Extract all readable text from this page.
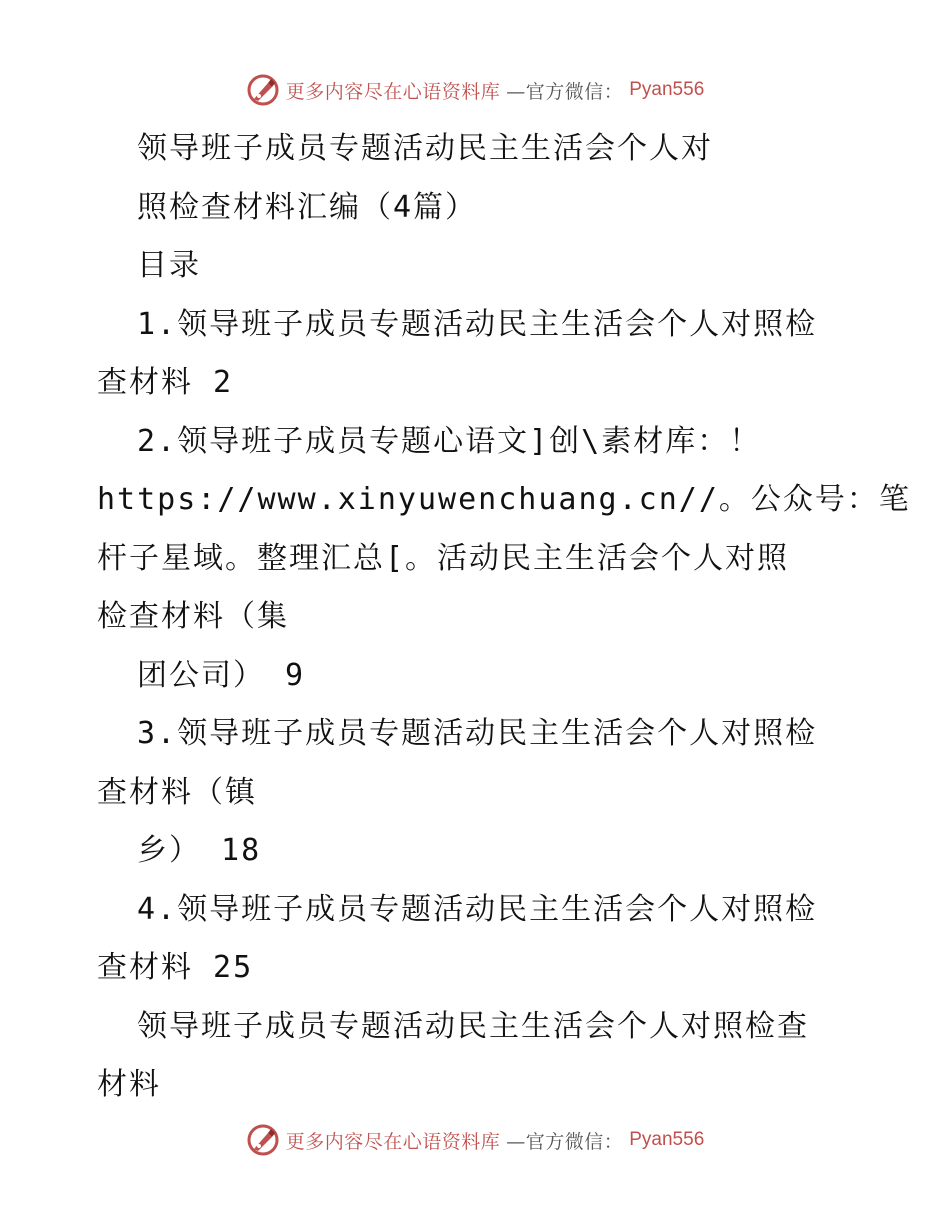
更多内容尽在心语资料库 —官方微信： Pyan556
领导班子成员专题活动民主生活会个人对
照检查材料汇编（4篇）
目录
1.领导班子成员专题活动民主生活会个人对照检
查材料 2
2.领导班子成员专题心语文]创\素材库：！
https://www.xinyuwenchuang.cn//。公众号：笔
杆子星域。整理汇总[。活动民主生活会个人对照
检查材料（集
团公司） 9
3.领导班子成员专题活动民主生活会个人对照检
查材料（镇
乡） 18
4.领导班子成员专题活动民主生活会个人对照检
查材料 25
领导班子成员专题活动民主生活会个人对照检查
材料
更多内容尽在心语资料库 —官方微信： Pyan556
